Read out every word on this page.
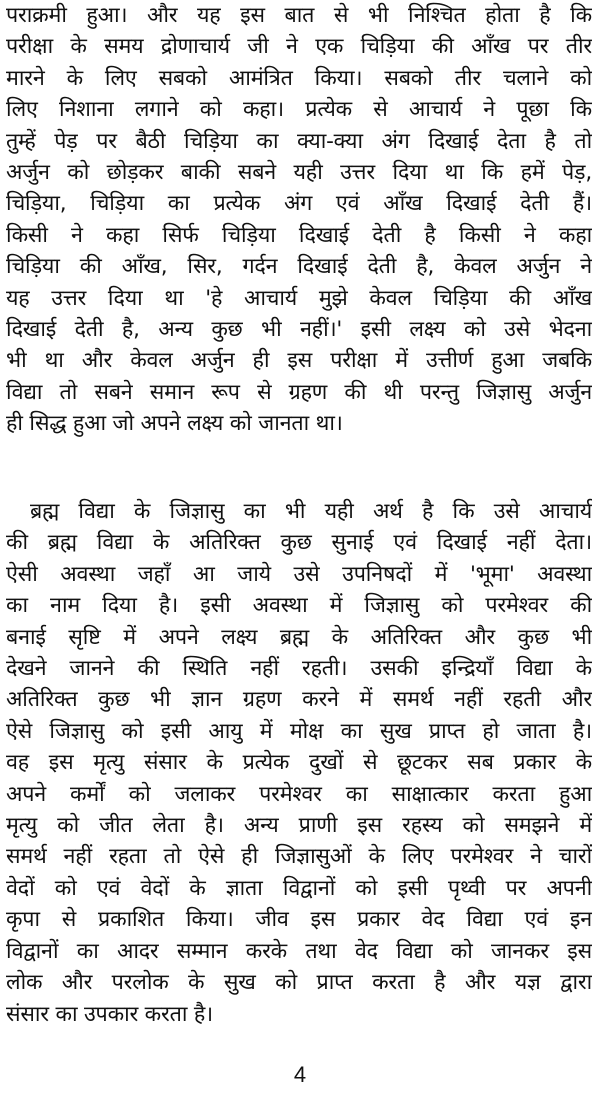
पराक्रमी हुआ। और यह इस बात से भी निश्चित होता है कि
परीक्षा के समय द्रोणाचार्य जी ने एक चिड़िया की आँख पर तीर
मारने के लिए सबको आमंत्रित किया। सबको तीर चलाने को
लिए निशाना लगाने को कहा। प्रत्येक से आचार्य ने पूछा कि
तुम्हें पेड़ पर बैठी चिड़िया का क्या-क्या अंग दिखाई देता है तो
अर्जुन को छोड़कर बाकी सबने यही उत्तर दिया था कि हमें पेड़,
चिड़िया, चिड़िया का प्रत्येक अंग एवं आँख दिखाई देती हैं।
किसी ने कहा सिर्फ चिड़िया दिखाई देती है किसी ने कहा
चिड़िया की आँख, सिर, गर्दन दिखाई देती है, केवल अर्जुन ने
यह उत्तर दिया था 'हे आचार्य मुझे केवल चिड़िया की आँख
दिखाई देती है, अन्य कुछ भी नहीं।' इसी लक्ष्य को उसे भेदना
भी था और केवल अर्जुन ही इस परीक्षा में उत्तीर्ण हुआ जबकि
विद्या तो सबने समान रूप से ग्रहण की थी परन्तु जिज्ञासु अर्जुन
ही सिद्ध हुआ जो अपने लक्ष्य को जानता था।
ब्रह्म विद्या के जिज्ञासु का भी यही अर्थ है कि उसे आचार्य
की ब्रह्म विद्या के अतिरिक्त कुछ सुनाई एवं दिखाई नहीं देता।
ऐसी अवस्था जहाँ आ जाये उसे उपनिषदों में 'भूमा' अवस्था
का नाम दिया है। इसी अवस्था में जिज्ञासु को परमेश्वर की
बनाई सृष्टि में अपने लक्ष्य ब्रह्म के अतिरिक्त और कुछ भी
देखने जानने की स्थिति नहीं रहती। उसकी इन्द्रियाँ विद्या के
अतिरिक्त कुछ भी ज्ञान ग्रहण करने में समर्थ नहीं रहती और
ऐसे जिज्ञासु को इसी आयु में मोक्ष का सुख प्राप्त हो जाता है।
वह इस मृत्यु संसार के प्रत्येक दुखों से छूटकर सब प्रकार के
अपने कर्मों को जलाकर परमेश्वर का साक्षात्कार करता हुआ
मृत्यु को जीत लेता है। अन्य प्राणी इस रहस्य को समझने में
समर्थ नहीं रहता तो ऐसे ही जिज्ञासुओं के लिए परमेश्वर ने चारों
वेदों को एवं वेदों के ज्ञाता विद्वानों को इसी पृथ्वी पर अपनी
कृपा से प्रकाशित किया। जीव इस प्रकार वेद विद्या एवं इन
विद्वानों का आदर सम्मान करके तथा वेद विद्या को जानकर इस
लोक और परलोक के सुख को प्राप्त करता है और यज्ञ द्वारा
संसार का उपकार करता है।
4
